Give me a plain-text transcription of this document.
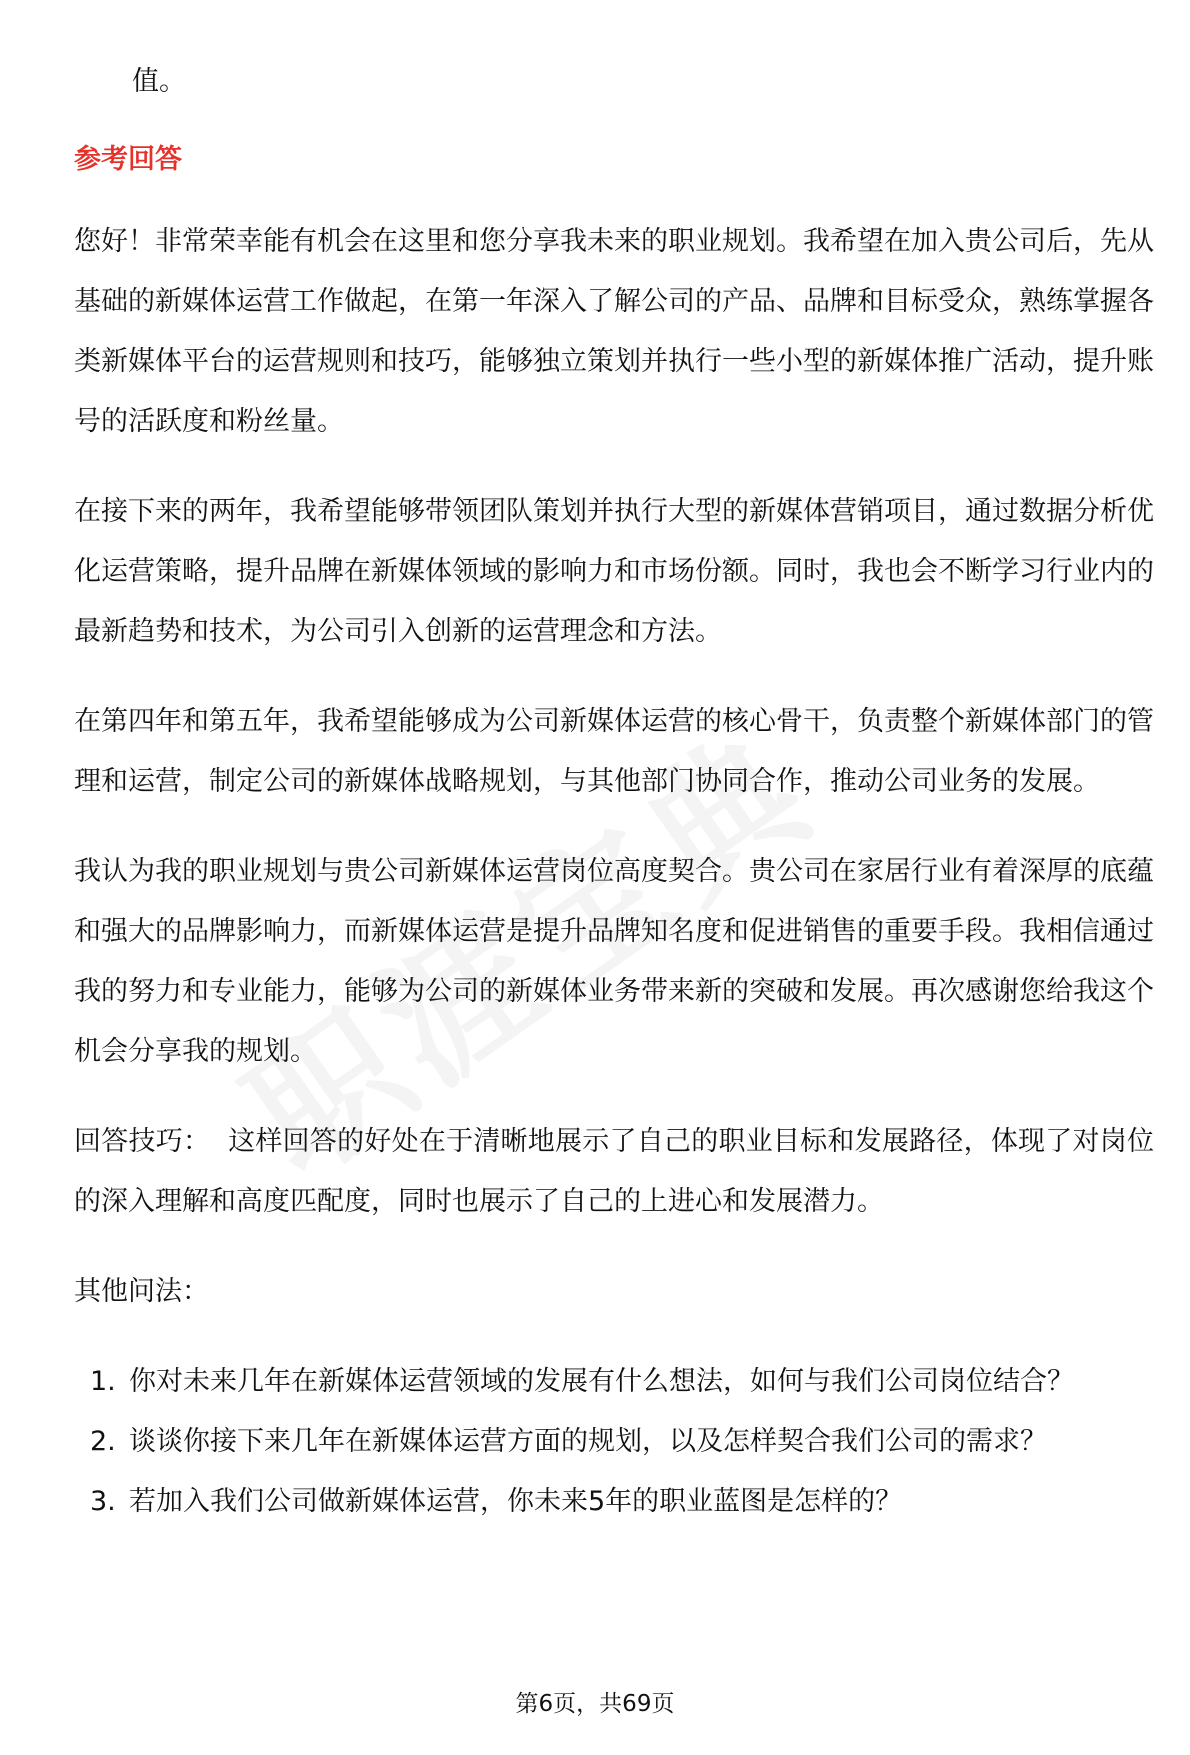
值。
参考回答

您好！非常荣幸能有机会在这里和您分享我未来的职业规划。我希望在加入贵公司后，先从基础的新媒体运营工作做起，在第一年深入了解公司的产品、品牌和目标受众，熟练掌握各类新媒体平台的运营规则和技巧，能够独立策划并执行一些小型的新媒体推广活动，提升账号的活跃度和粉丝量。

在接下来的两年，我希望能够带领团队策划并执行大型的新媒体营销项目，通过数据分析优化运营策略，提升品牌在新媒体领域的影响力和市场份额。同时，我也会不断学习行业内的最新趋势和技术，为公司引入创新的运营理念和方法。

在第四年和第五年，我希望能够成为公司新媒体运营的核心骨干，负责整个新媒体部门的管理和运营，制定公司的新媒体战略规划，与其他部门协同合作，推动公司业务的发展。

我认为我的职业规划与贵公司新媒体运营岗位高度契合。贵公司在家居行业有着深厚的底蕴和强大的品牌影响力，而新媒体运营是提升品牌知名度和促进销售的重要手段。我相信通过我的努力和专业能力，能够为公司的新媒体业务带来新的突破和发展。再次感谢您给我这个机会分享我的规划。

回答技巧： 这样回答的好处在于清晰地展示了自己的职业目标和发展路径，体现了对岗位的深入理解和高度匹配度，同时也展示了自己的上进心和发展潜力。

其他问法：
1. 你对未来几年在新媒体运营领域的发展有什么想法，如何与我们公司岗位结合？
2. 谈谈你接下来几年在新媒体运营方面的规划，以及怎样契合我们公司的需求？
3. 若加入我们公司做新媒体运营，你未来5年的职业蓝图是怎样的？
第6页，共69页
